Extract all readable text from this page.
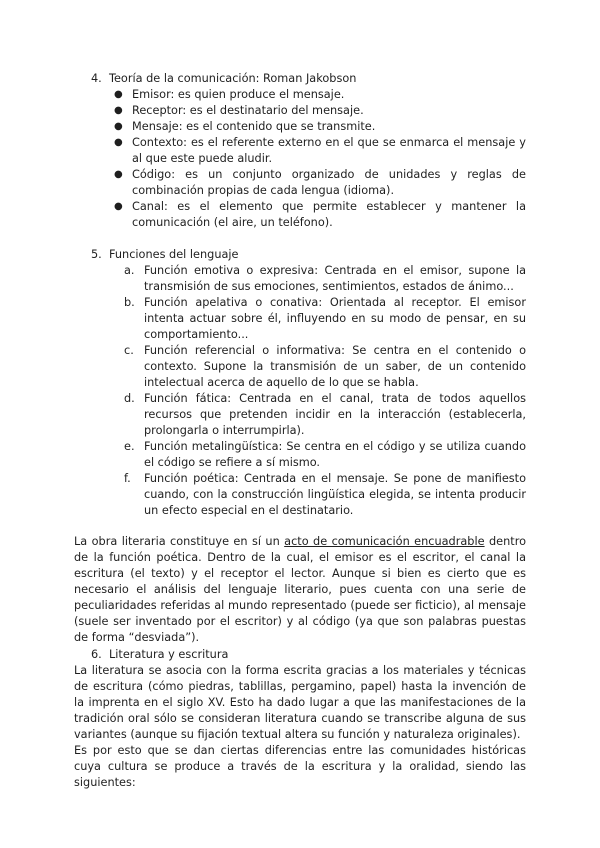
4. Teoría de la comunicación: Roman Jakobson
● Emisor: es quien produce el mensaje.
● Receptor: es el destinatario del mensaje.
● Mensaje: es el contenido que se transmite.
● Contexto: es el referente externo en el que se enmarca el mensaje y al que este puede aludir.
● Código: es un conjunto organizado de unidades y reglas de combinación propias de cada lengua (idioma).
● Canal: es el elemento que permite establecer y mantener la comunicación (el aire, un teléfono).
5. Funciones del lenguaje
a. Función emotiva o expresiva: Centrada en el emisor, supone la transmisión de sus emociones, sentimientos, estados de ánimo...
b. Función apelativa o conativa: Orientada al receptor. El emisor intenta actuar sobre él, influyendo en su modo de pensar, en su comportamiento...
c. Función referencial o informativa: Se centra en el contenido o contexto. Supone la transmisión de un saber, de un contenido intelectual acerca de aquello de lo que se habla.
d. Función fática: Centrada en el canal, trata de todos aquellos recursos que pretenden incidir en la interacción (establecerla, prolongarla o interrumpirla).
e. Función metalingüística: Se centra en el código y se utiliza cuando el código se refiere a sí mismo.
f. Función poética: Centrada en el mensaje. Se pone de manifiesto cuando, con la construcción lingüística elegida, se intenta producir un efecto especial en el destinatario.

La obra literaria constituye en sí un acto de comunicación encuadrable dentro de la función poética. Dentro de la cual, el emisor es el escritor, el canal la escritura (el texto) y el receptor el lector. Aunque si bien es cierto que es necesario el análisis del lenguaje literario, pues cuenta con una serie de peculiaridades referidas al mundo representado (puede ser ficticio), al mensaje (suele ser inventado por el escritor) y al código (ya que son palabras puestas de forma “desviada”).

6. Literatura y escritura

La literatura se asocia con la forma escrita gracias a los materiales y técnicas de escritura (cómo piedras, tablillas, pergamino, papel) hasta la invención de la imprenta en el siglo XV. Esto ha dado lugar a que las manifestaciones de la tradición oral sólo se consideran literatura cuando se transcribe alguna de sus variantes (aunque su fijación textual altera su función y naturaleza originales).

Es por esto que se dan ciertas diferencias entre las comunidades históricas cuya cultura se produce a través de la escritura y la oralidad, siendo las siguientes:
